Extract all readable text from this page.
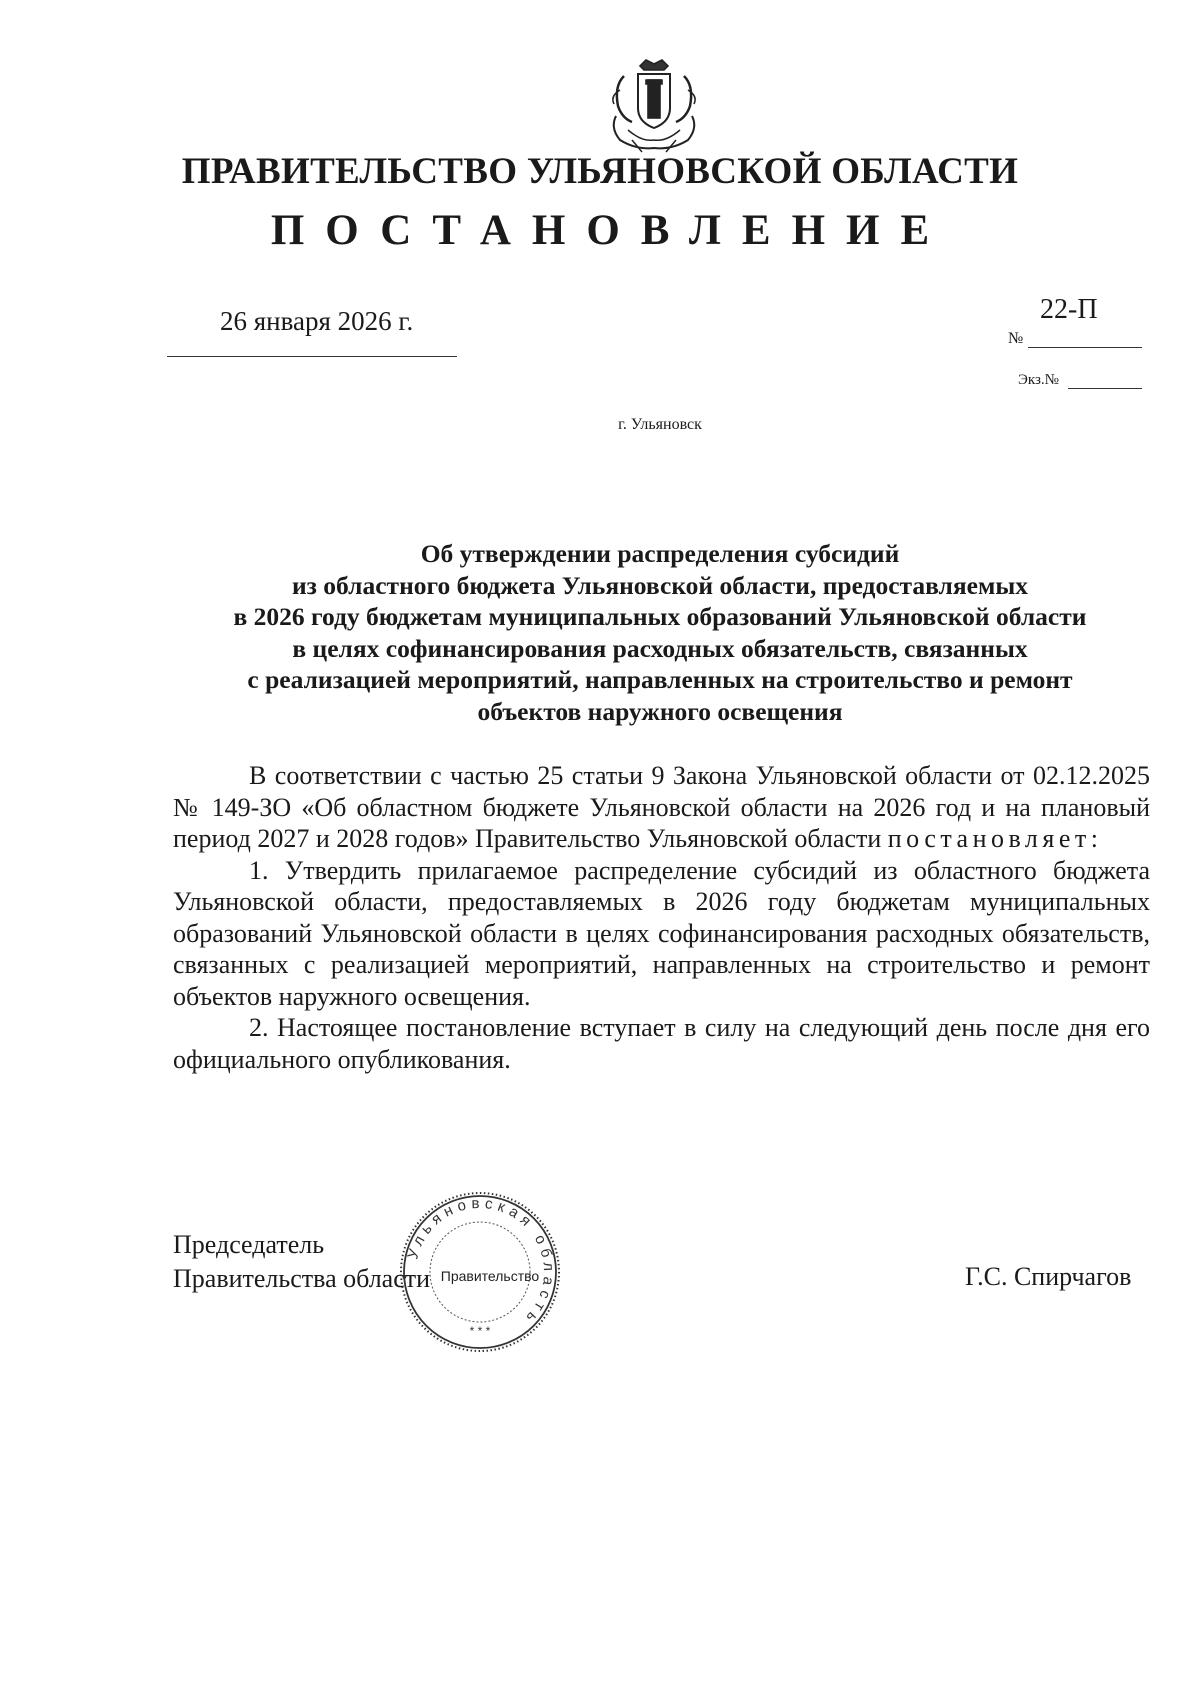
ПРАВИТЕЛЬСТВО УЛЬЯНОВСКОЙ ОБЛАСТИ
ПОСТАНОВЛЕНИЕ
26 января 2026 г.	22-П
№
Экз.№
г. Ульяновск
Об утверждении распределения субсидий
из областного бюджета Ульяновской области, предоставляемых
в 2026 году бюджетам муниципальных образований Ульяновской области
в целях софинансирования расходных обязательств, связанных
с реализацией мероприятий, направленных на строительство и ремонт
объектов наружного освещения

В соответствии с частью 25 статьи 9 Закона Ульяновской области от 02.12.2025 № 149-ЗО «Об областном бюджете Ульяновской области на 2026 год и на плановый период 2027 и 2028 годов» Правительство Ульяновской области постановляет:

1. Утвердить прилагаемое распределение субсидий из областного бюджета Ульяновской области, предоставляемых в 2026 году бюджетам муниципальных образований Ульяновской области в целях софинансирования расходных обязательств, связанных с реализацией мероприятий, направленных на строительство и ремонт объектов наружного освещения.

2. Настоящее постановление вступает в силу на следующий день после дня его официального опубликования.

Председатель
Правительства области	Г.С. Спирчагов
Ульяновская область
* * *
Правительство
